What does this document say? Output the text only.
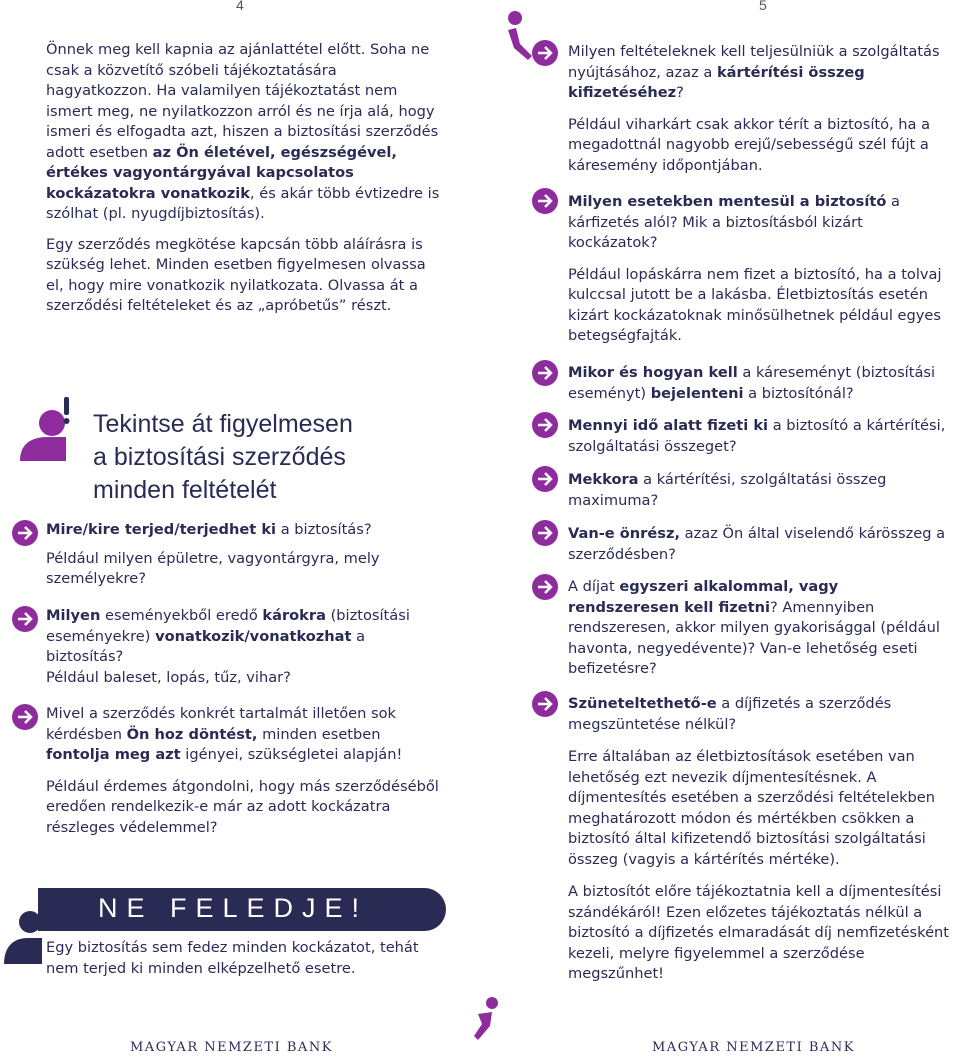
4

Önnek meg kell kapnia az ajánlattétel előtt. Soha ne csak a közvetítő szóbeli tájékoztatására hagyatkozzon. Ha valamilyen tájékoztatást nem ismert meg, ne nyilatkozzon arról és ne írja alá, hogy ismeri és elfogadta azt, hiszen a biztosítási szerződés adott esetben az Ön életével, egészségével, értékes vagyontárgyával kapcsolatos kockázatokra vonatkozik, és akár több évtizedre is szólhat (pl. nyugdíjbiztosítás).

Egy szerződés megkötése kapcsán több aláírásra is szükség lehet. Minden esetben figyelmesen olvassa el, hogy mire vonatkozik nyilatkozata. Olvassa át a szerződési feltételeket és az „apróbetűs” részt.

Tekintse át figyelmesen
a biztosítási szerződés
minden feltételét

Mire/kire terjed/terjedhet ki a biztosítás?

Például milyen épületre, vagyontárgyra, mely személyekre?

Milyen eseményekből eredő károkra (biztosítási eseményekre) vonatkozik/vonatkozhat a biztosítás?

Például baleset, lopás, tűz, vihar?

Mivel a szerződés konkrét tartalmát illetően sok kérdésben Ön hoz döntést, minden esetben fontolja meg azt igényei, szükségletei alapján!

Például érdemes átgondolni, hogy más szerződéséből eredően rendelkezik-e már az adott kockázatra részleges védelemmel?

NE FELEDJE!

Egy biztosítás sem fedez minden kockázatot, tehát nem terjed ki minden elképzelhető esetre.

MAGYAR NEMZETI BANK
5

Milyen feltételeknek kell teljesülniük a szolgáltatás nyújtásához, azaz a kártérítési összeg kifizetéséhez?

Például viharkárt csak akkor térít a biztosító, ha a megadottnál nagyobb erejű/sebességű szél fújt a káresemény időpontjában.

Milyen esetekben mentesül a biztosító a kárfizetés alól? Mik a biztosításból kizárt kockázatok?

Például lopáskárra nem fizet a biztosító, ha a tolvaj kulccsal jutott be a lakásba. Életbiztosítás esetén kizárt kockázatoknak minősülhetnek például egyes betegségfajták.

Mikor és hogyan kell a káreseményt (biztosítási eseményt) bejelenteni a biztosítónál?

Mennyi idő alatt fizeti ki a biztosító a kártérítési, szolgáltatási összeget?

Mekkora a kártérítési, szolgáltatási összeg maximuma?

Van-e önrész, azaz Ön által viselendő kárösszeg a szerződésben?

A díjat egyszeri alkalommal, vagy rendszeresen kell fizetni? Amennyiben rendszeresen, akkor milyen gyakorisággal (például havonta, negyedévente)? Van-e lehetőség eseti befizetésre?

Szüneteltethető-e a díjfizetés a szerződés megszüntetése nélkül?

Erre általában az életbiztosítások esetében van lehetőség ezt nevezik díjmentesítésnek. A díjmentesítés esetében a szerződési feltételekben meghatározott módon és mértékben csökken a biztosító által kifizetendő biztosítási szolgáltatási összeg (vagyis a kártérítés mértéke).

A biztosítót előre tájékoztatnia kell a díjmentesítési szándékáról! Ezen előzetes tájékoztatás nélkül a biztosító a díjfizetés elmaradását díj nemfizetésként kezeli, melyre figyelemmel a szerződése megszűnhet!

MAGYAR NEMZETI BANK
